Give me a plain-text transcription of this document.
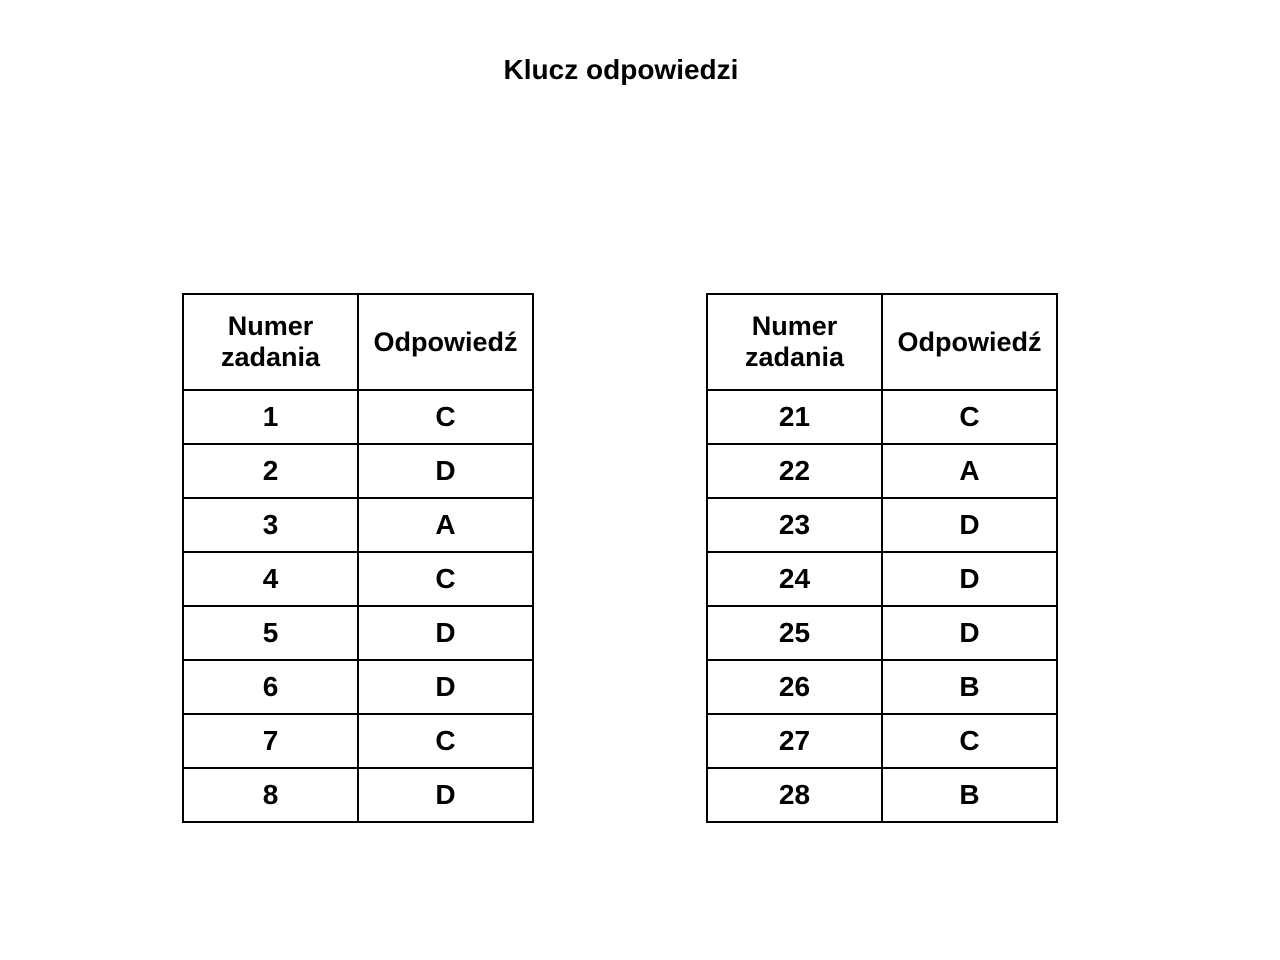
Klucz odpowiedzi
Numer
zadania	Odpowiedź
1	C
2	D
3	A
4	C
5	D
6	D
7	C
8	D
Numer
zadania	Odpowiedź
21	C
22	A
23	D
24	D
25	D
26	B
27	C
28	B
